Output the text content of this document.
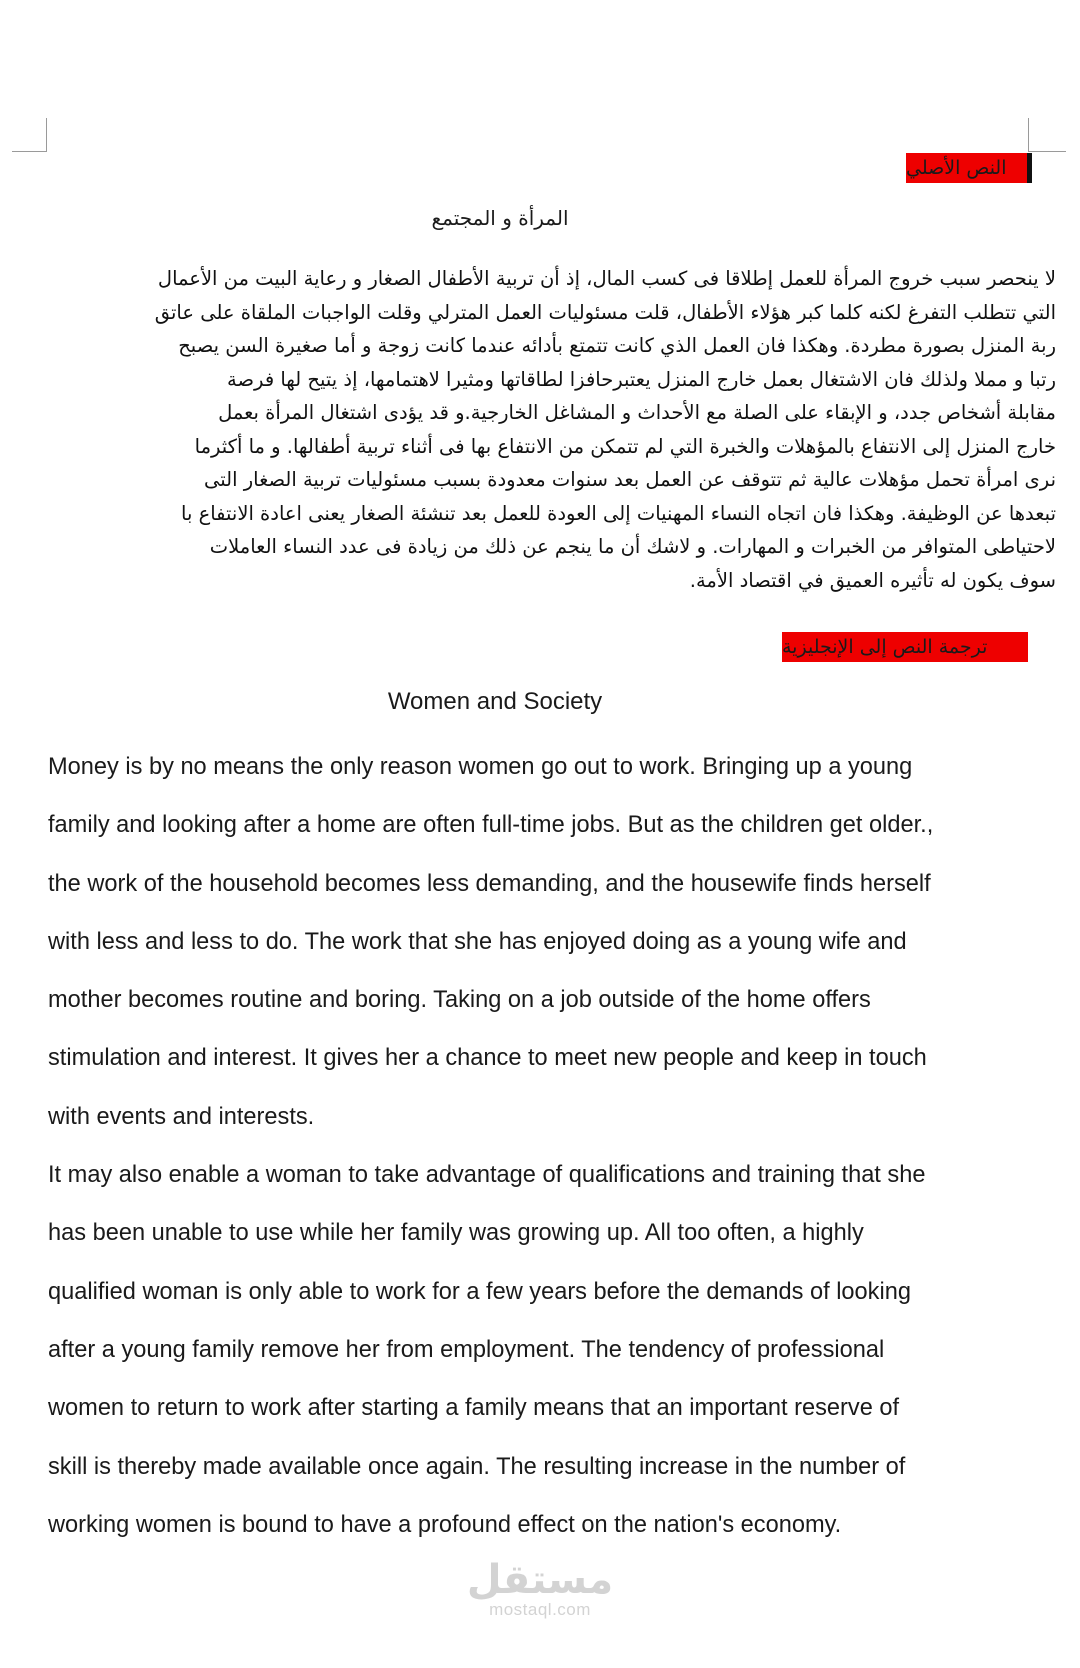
النص الأصلي
المرأة و المجتمع
لا ينحصر سبب خروج المرأة للعمل إطلاقا فى كسب المال، إذ أن تربية الأطفال الصغار و رعاية البيت من الأعمال
التي تتطلب التفرغ لكنه كلما كبر هؤلاء الأطفال، قلت مسئوليات العمل المترلي وقلت الواجبات الملقاة على عاتق
ربة المنزل بصورة مطردة. وهكذا فان العمل الذي كانت تتمتع بأدائه عندما كانت زوجة و أما صغيرة السن يصبح
رتبا و مملا ولذلك فان الاشتغال بعمل خارج المنزل يعتبرحافزا لطاقاتها ومثيرا لاهتمامها، إذ يتيح لها فرصة
مقابلة أشخاص جدد، و الإبقاء على الصلة مع الأحداث و المشاغل الخارجية.و قد يؤدى اشتغال المرأة بعمل
خارج المنزل إلى الانتفاع بالمؤهلات والخبرة التي لم تتمكن من الانتفاع بها فى أثناء تربية أطفالها. و ما أكثرما
نرى امرأة تحمل مؤهلات عالية ثم تتوقف عن العمل بعد سنوات معدودة بسبب مسئوليات تربية الصغار التى
تبعدها عن الوظيفة. وهكذا فان اتجاه النساء المهنيات إلى العودة للعمل بعد تنشئة الصغار يعنى اعادة الانتفاع با
لاحتياطى المتوافر من الخبرات و المهارات. و لاشك أن ما ينجم عن ذلك من زيادة فى عدد النساء العاملات
سوف يكون له تأثيره العميق في اقتصاد الأمة.
ترجمة النص إلى الإنجليزية
Women and Society
Money is by no means the only reason women go out to work. Bringing up a young
family and looking after a home are often full-time jobs. But as the children get older.,
the work of the household becomes less demanding, and the housewife finds herself
with less and less to do. The work that she has enjoyed doing as a young wife and
mother becomes routine and boring. Taking on a job outside of the home offers
stimulation and interest. It gives her a chance to meet new people and keep in touch
with events and interests.
It may also enable a woman to take advantage of qualifications and training that she
has been unable to use while her family was growing up. All too often, a highly
qualified woman is only able to work for a few years before the demands of looking
after a young family remove her from employment. The tendency of professional
women to return to work after starting a family means that an important reserve of
skill is thereby made available once again. The resulting increase in the number of
working women is bound to have a profound effect on the nation's economy.
مستقل
mostaql.com
